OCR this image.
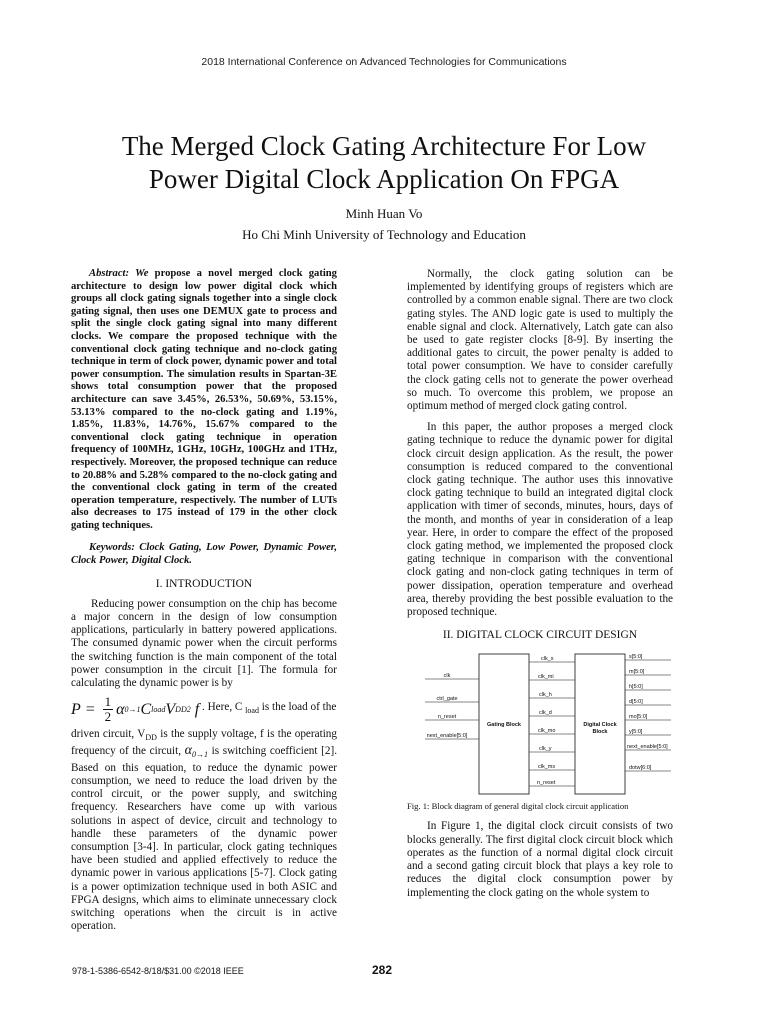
2018 International Conference on Advanced Technologies for Communications
The Merged Clock Gating Architecture For Low
Power Digital Clock Application On FPGA
Minh Huan Vo
Ho Chi Minh University of Technology and Education

Abstract: We propose a novel merged clock gating architecture to design low power digital clock which groups all clock gating signals together into a single clock gating signal, then uses one DEMUX gate to process and split the single clock gating signal into many different clocks. We compare the proposed technique with the conventional clock gating technique and no-clock gating technique in term of clock power, dynamic power and total power consumption. The simulation results in Spartan-3E shows total consumption power that the proposed architecture can save 3.45%, 26.53%, 50.69%, 53.15%, 53.13% compared to the no-clock gating and 1.19%, 1.85%, 11.83%, 14.76%, 15.67% compared to the conventional clock gating technique in operation frequency of 100MHz, 1GHz, 10GHz, 100GHz and 1THz, respectively. Moreover, the proposed technique can reduce to 20.88% and 5.28% compared to the no-clock gating and the conventional clock gating in term of the created operation temperature, respectively. The number of LUTs also decreases to 175 instead of 179 in the other clock gating techniques.

Keywords: Clock Gating, Low Power, Dynamic Power, Clock Power, Digital Clock.

I. INTRODUCTION

Reducing power consumption on the chip has become a major concern in the design of low consumption applications, particularly in battery powered applications. The consumed dynamic power when the circuit performs the switching function is the main component of the total power consumption in the circuit [1]. The formula for calculating the dynamic power is by

$P = \frac{1}{2}$ α 0→1 C load V DD 2 f . Here, C $_{load}$ is the load of the

driven circuit, $V_{DD}$ is the supply voltage, f is the operating frequency of the circuit, $\alpha_{0\to 1}$ is switching coefficient [2]. Based on this equation, to reduce the dynamic power consumption, we need to reduce the load driven by the control circuit, or the power supply, and switching frequency. Researchers have come up with various solutions in aspect of device, circuit and technology to handle these parameters of the dynamic power consumption [3-4]. In particular, clock gating techniques have been studied and applied effectively to reduce the dynamic power in various applications [5-7]. Clock gating is a power optimization technique used in both ASIC and FPGA designs, which aims to eliminate unnecessary clock switching operations when the circuit is in active operation.

Normally, the clock gating solution can be implemented by identifying groups of registers which are controlled by a common enable signal. There are two clock gating styles. The AND logic gate is used to multiply the enable signal and clock. Alternatively, Latch gate can also be used to gate register clocks [8-9]. By inserting the additional gates to circuit, the power penalty is added to total power consumption. We have to consider carefully the clock gating cells not to generate the power overhead so much. To overcome this problem, we propose an optimum method of merged clock gating control.

In this paper, the author proposes a merged clock gating technique to reduce the dynamic power for digital clock circuit design application. As the result, the power consumption is reduced compared to the conventional clock gating technique. The author uses this innovative clock gating technique to build an integrated digital clock application with timer of seconds, minutes, hours, days of the month, and months of year in consideration of a leap year. Here, in order to compare the effect of the proposed clock gating method, we implemented the proposed clock gating technique in comparison with the conventional clock gating and non-clock gating techniques in term of power dissipation, operation temperature and overhead area, thereby providing the best possible evaluation to the proposed technique.

II. DIGITAL CLOCK CIRCUIT DESIGN

Gating Block	Digital Clock
Block
clk
ctrl_gate
n_reset
next_enable[5:0]
clk_s
clk_mi
clk_h
clk_d
clk_mo
clk_y
clk_ms
n_reset
s[5:0]
m[5:0]
h[5:0]
d[5:0]
mo[5:0]
y[5:0]
next_enable[5:0]
dotw[6:0]

Fig. 1: Block diagram of general digital clock circuit application

In Figure 1, the digital clock circuit consists of two blocks generally. The first digital clock circuit block which operates as the function of a normal digital clock circuit and a second gating circuit block that plays a key role to reduces the digital clock consumption power by implementing the clock gating on the whole system to

978-1-5386-6542-8/18/$31.00 ©2018 IEEE	282
